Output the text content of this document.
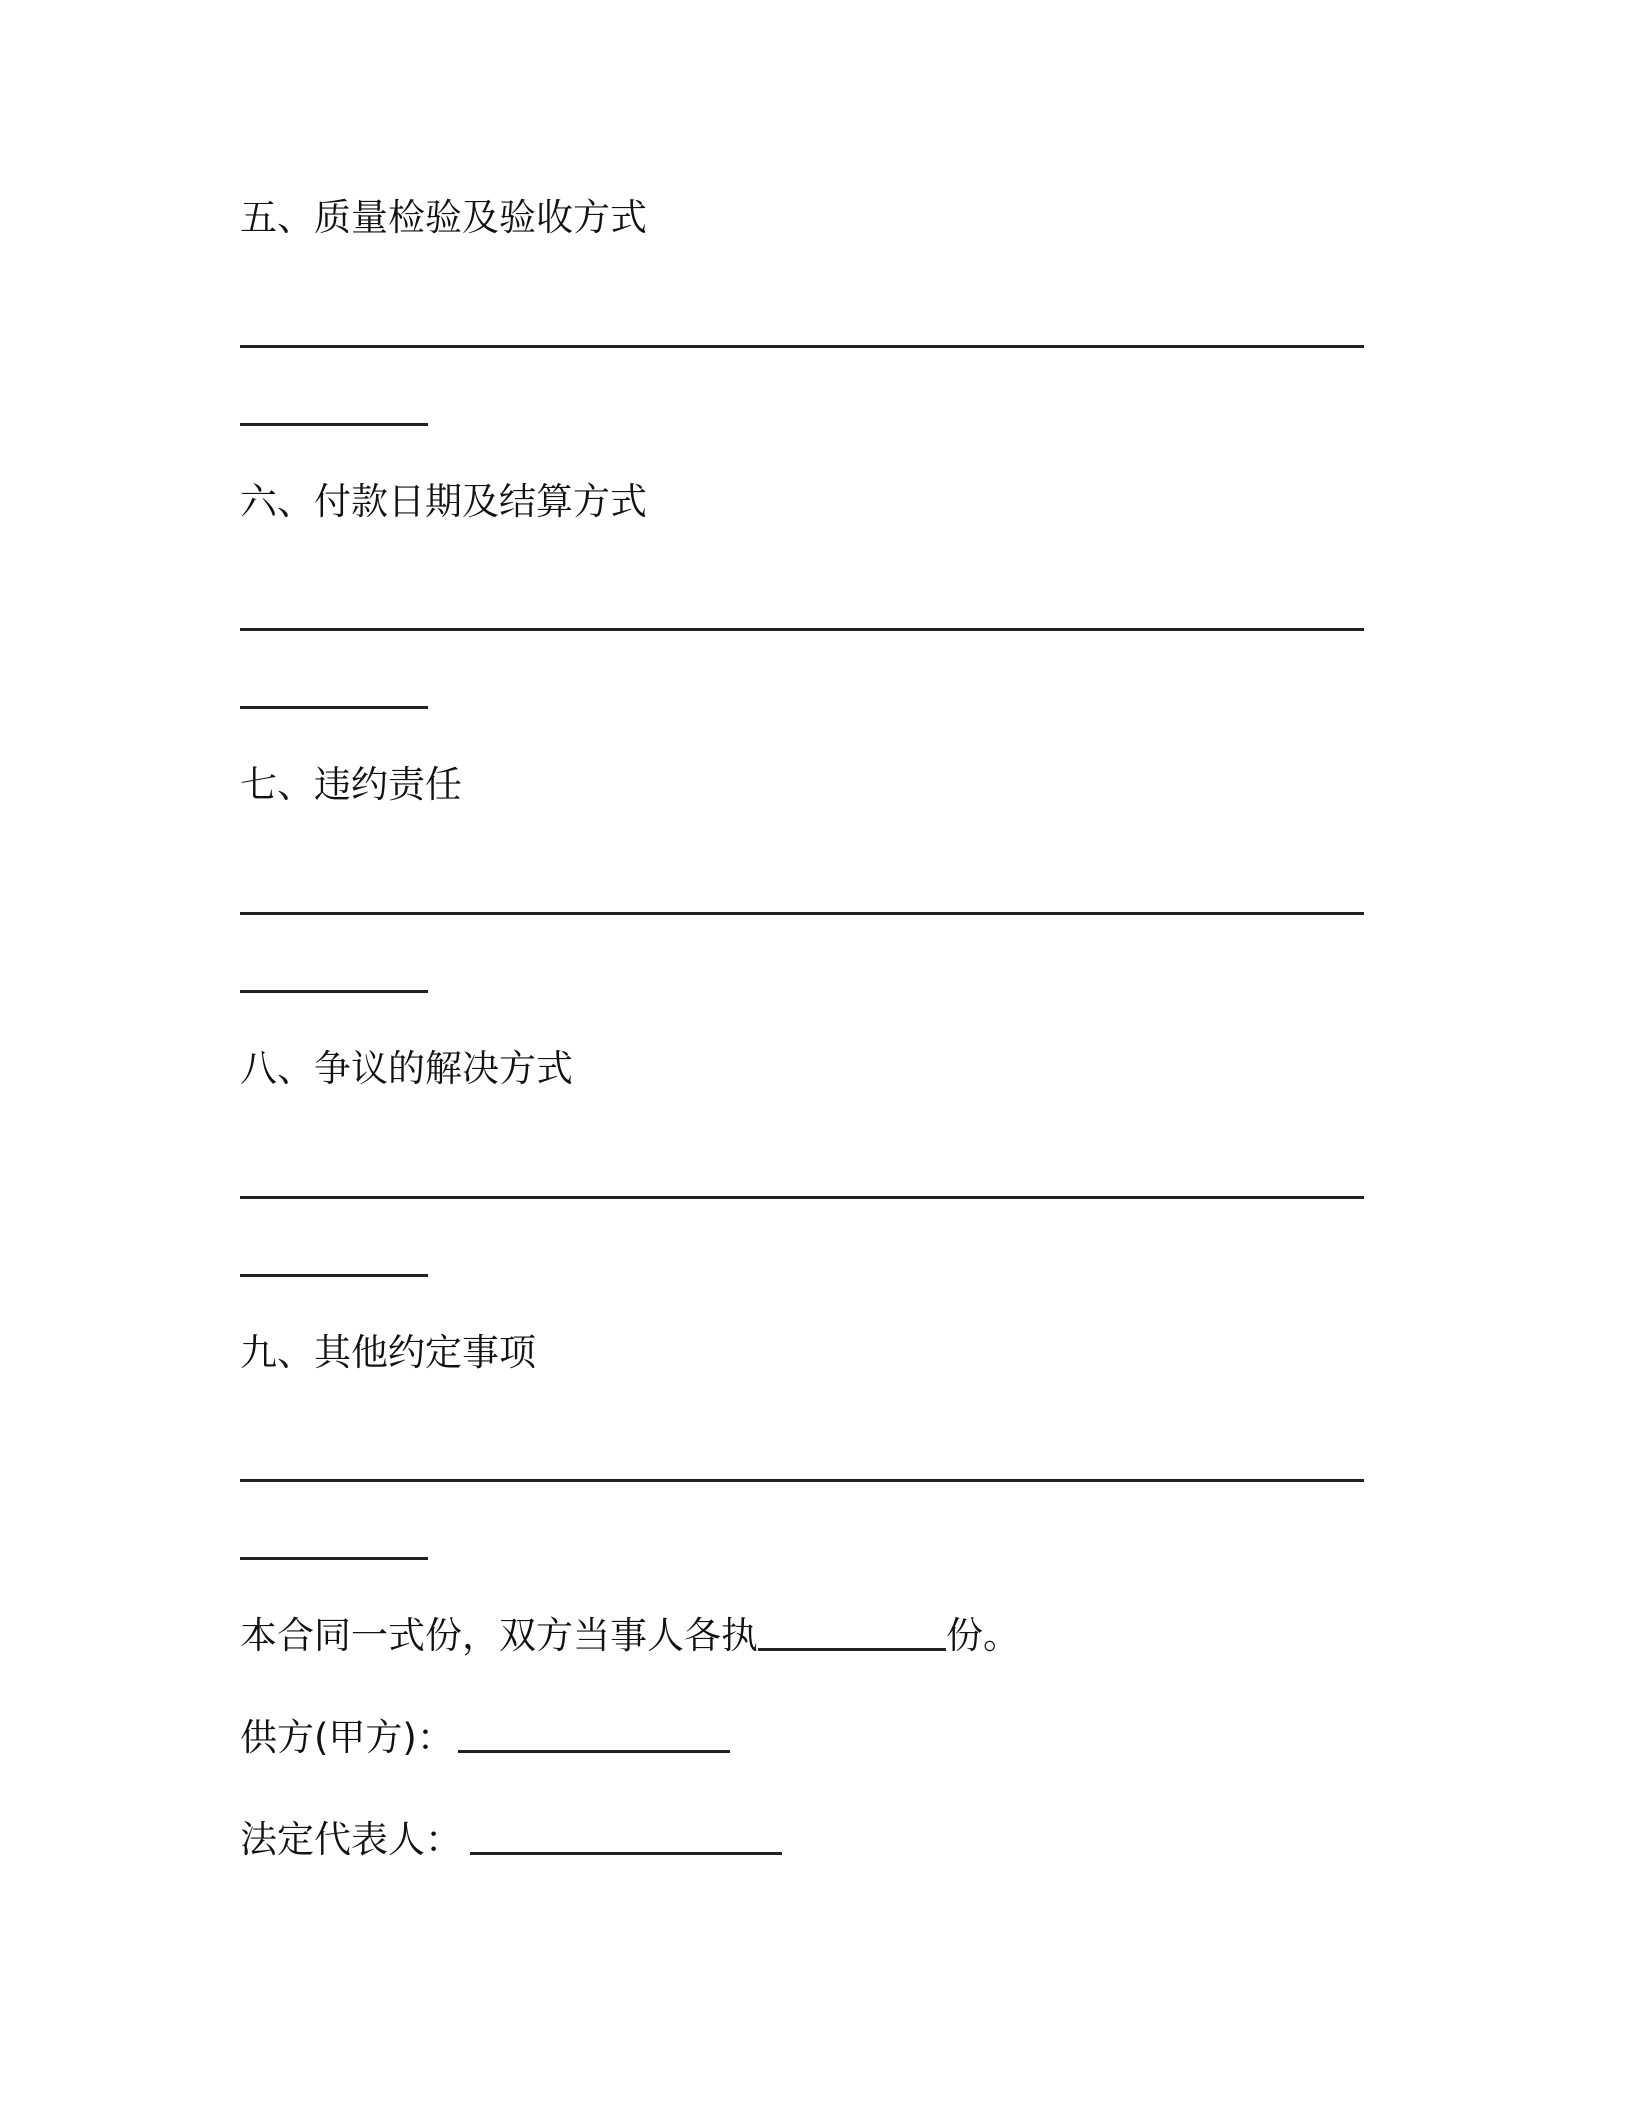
五、质量检验及验收方式
六、付款日期及结算方式
七、违约责任
八、争议的解决方式
九、其他约定事项
本合同一式份，双方当事人各执	份。
供方(甲方)：
法定代表人：
